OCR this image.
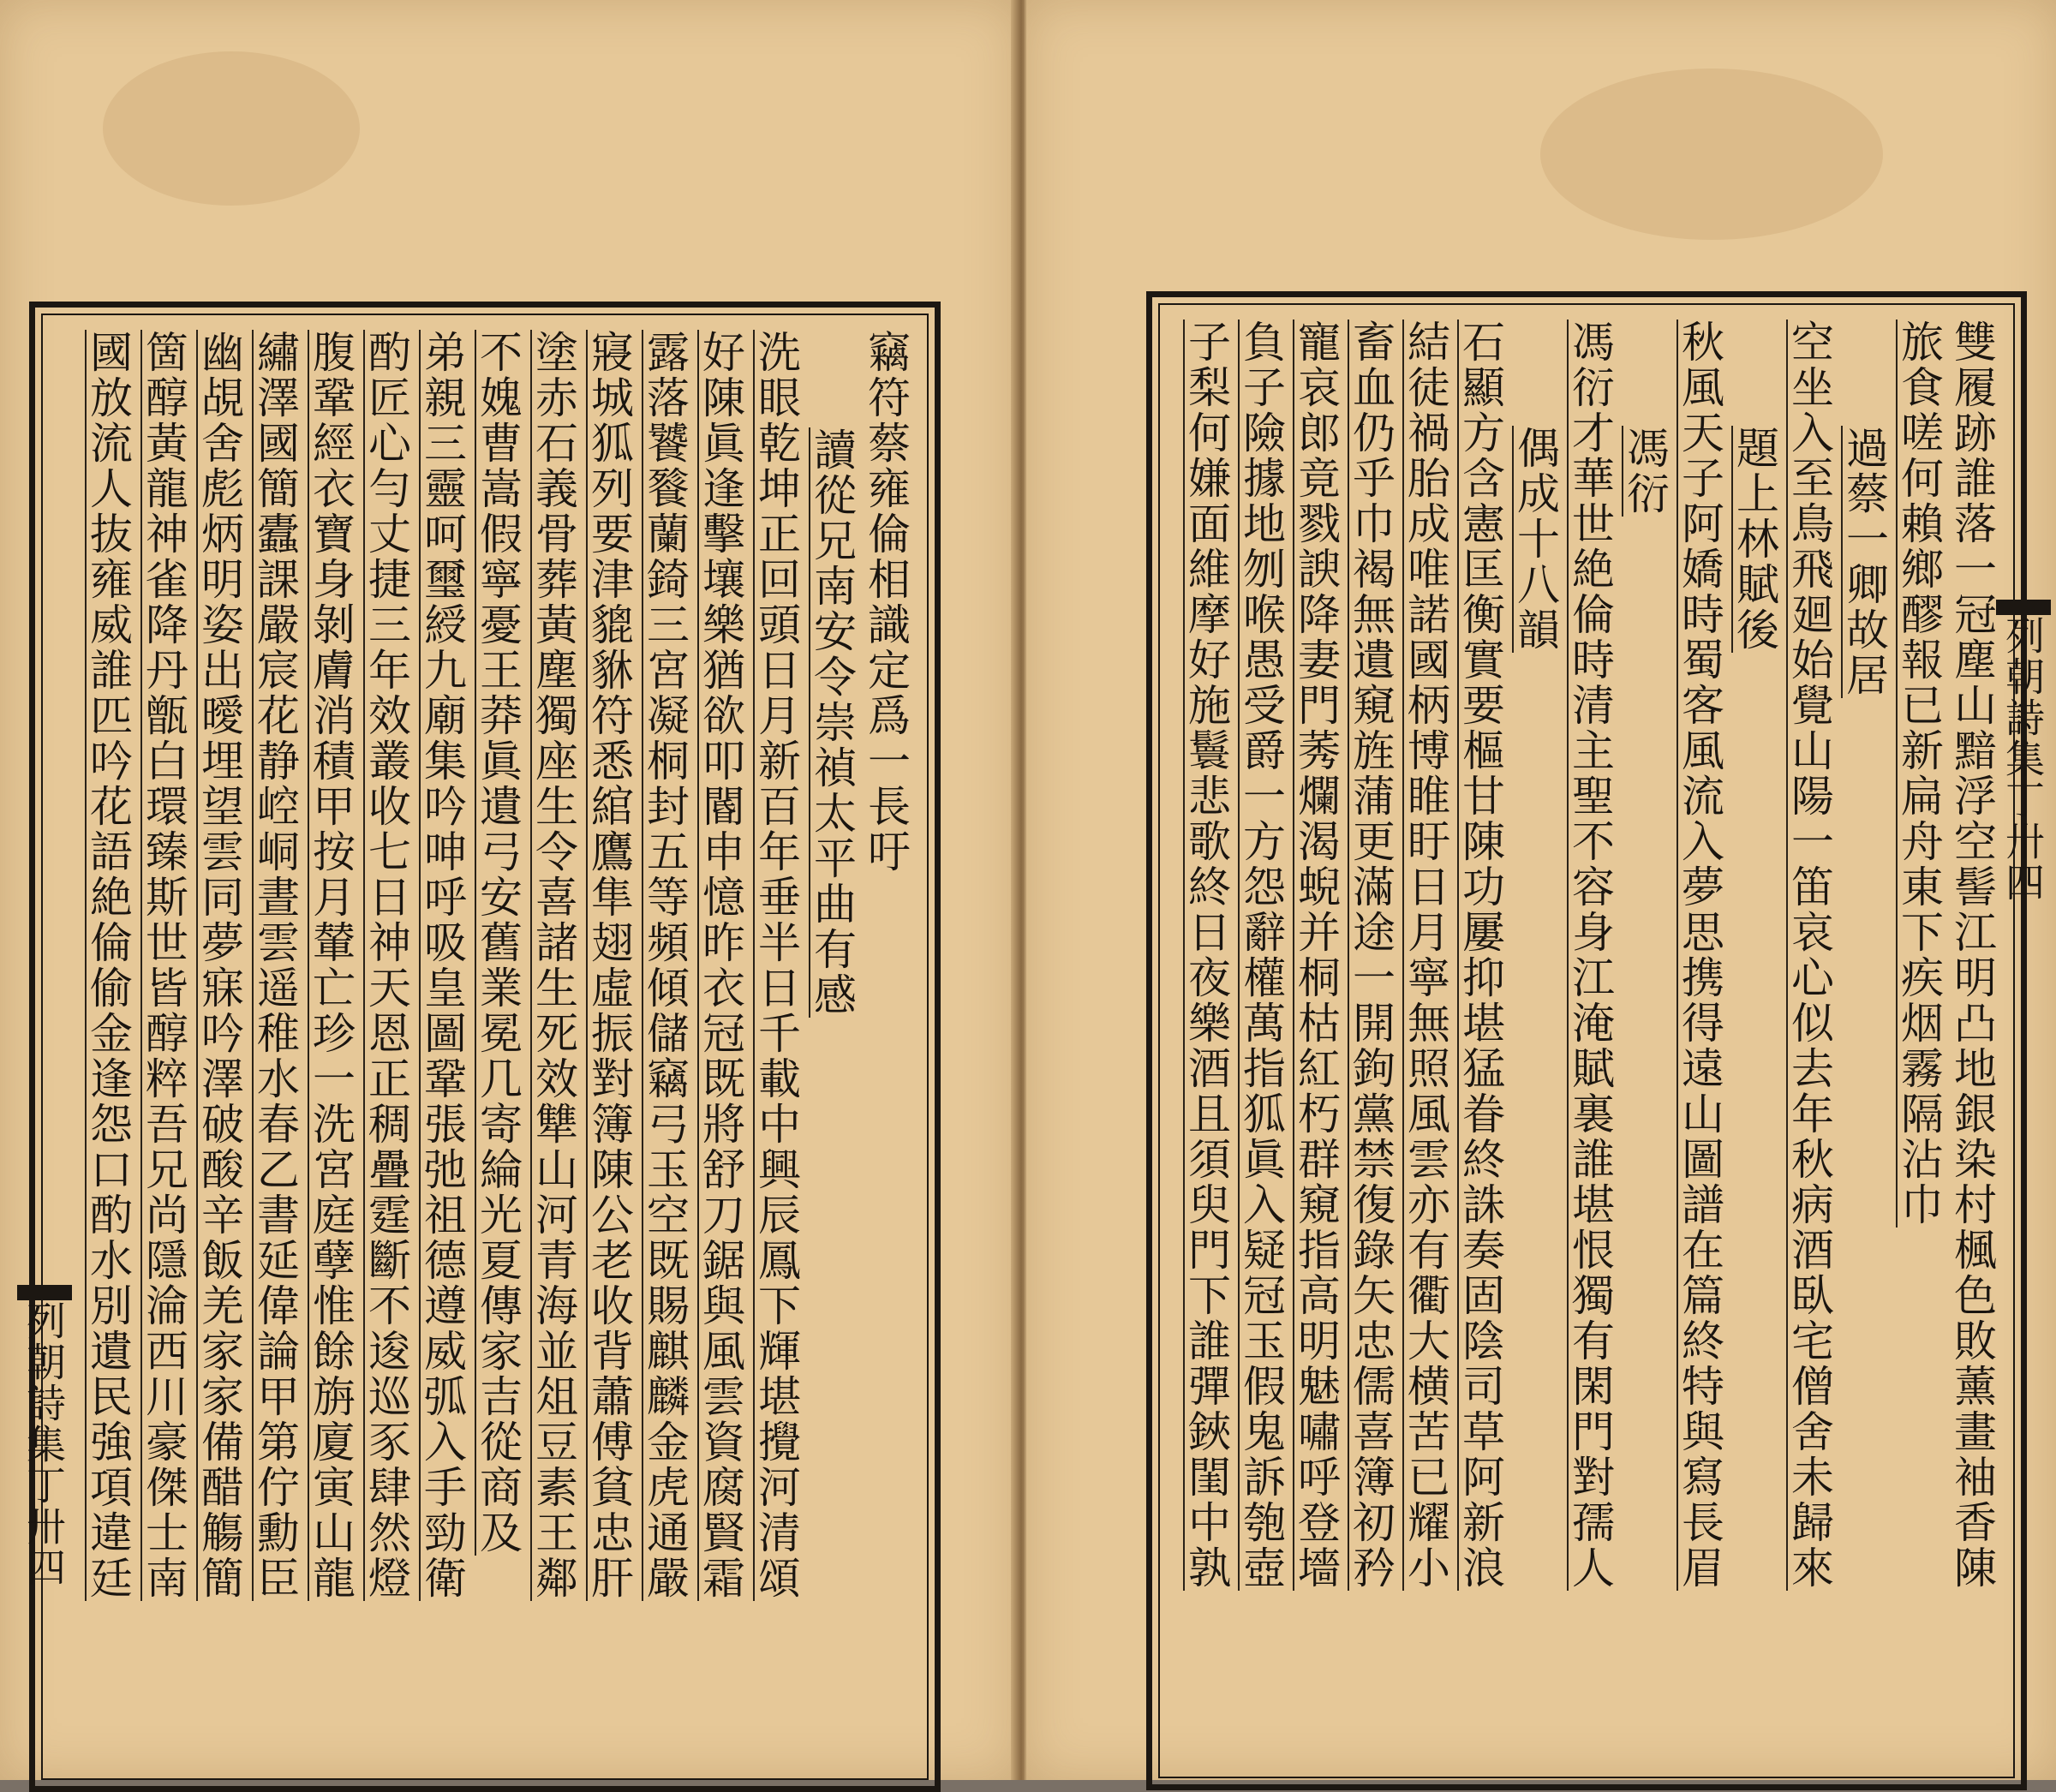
竊符蔡雍倫相識定爲一長吁
讀從兄南安令崇禎太平曲有感
洗眼乾坤正回頭日月新百年垂半日千載中興辰鳳下輝堪攪河清頌
好陳眞逢擊壤樂猶欲叩閽申憶昨衣冠既將舒刀鋸與風雲資腐賢霜
露落饕餮蘭錡三宮凝桐封五等頻傾儲竊弓玉空既賜麒麟金虎通嚴
寢城狐列要津貔貅符悉綰鷹隼翅虛振對簿陳公老收背蕭傅貧忠肝
塗赤石義骨葬黃塵獨座生令喜諸生死效犨山河青海並俎豆素王鄰
不媿曹嵩假寧憂王莽眞遺弓安舊業冕几寄綸光夏傳家吉從商及
弟親三靈呵璽綬九廟集吟呻呼吸皇圖鞏張弛祖德遵威弧入手勁衛
酌匠心勻丈捷三年效叢收七日神天恩正稠疊霆斷不逡巡豕肆然燈
腹鞏經衣寶身剝膚消積甲按月輦亡珍一洗宮庭孽惟餘旃廈寅山龍
繡澤國簡蠹課嚴宸花静崆峒晝雲遥稚水春乙書延偉論甲第佇勳臣
幽覘舍彪炳明姿出曖埋望雲同夢寐吟澤破酸辛飯羌家家備醋觴簡
箇醇黃龍神雀降丹甑白環臻斯世皆醇粹吾兄尚隱淪西川豪傑士南
國放流人抜雍威誰匹吟花語絶倫偷金逢怨口酌水別遺民強項違廷
列朝詩集丁卅四	雙履跡誰落一冠塵山黯浮空髻江明凸地銀染村楓色敗薰畫袖香陳
旅食嗟何賴鄉醪報已新扁舟東下疾烟霧隔沾巾
過蔡一卿故居
空坐入至鳥飛廻始覺山陽一笛哀心似去年秋病酒臥宅僧舍未歸來
題上林賦後
秋風天子阿嬌時蜀客風流入夢思携得遠山圖譜在篇終特與寫長眉
馮衍
馮衍才華世絶倫時清主聖不容身江淹賦裏誰堪恨獨有閑門對孺人
偶成十八韻
石顯方含憲匡衡實要樞甘陳功屢抑堪猛眷終誅奏固陰司草阿新浪
結徒禍胎成唯諾國柄博睢盱日月寧無照風雲亦有衢大横苦已耀小
畜血仍乎巾褐無遺窺旌蒲更滿途一開鉤黨禁復錄矢忠儒喜簿初矜
寵哀郎竟戮諛降妻門莠爛渴蜺并桐枯紅朽群窺指高明魅嘯呼登墻
負子險據地刎喉愚受爵一方怨辭權萬指狐眞入疑冠玉假鬼訴匏壺
子梨何嫌面維摩好施鬟悲歌終日夜樂酒且須臾門下誰彈鋏閨中孰	列朝詩集丁卅四
